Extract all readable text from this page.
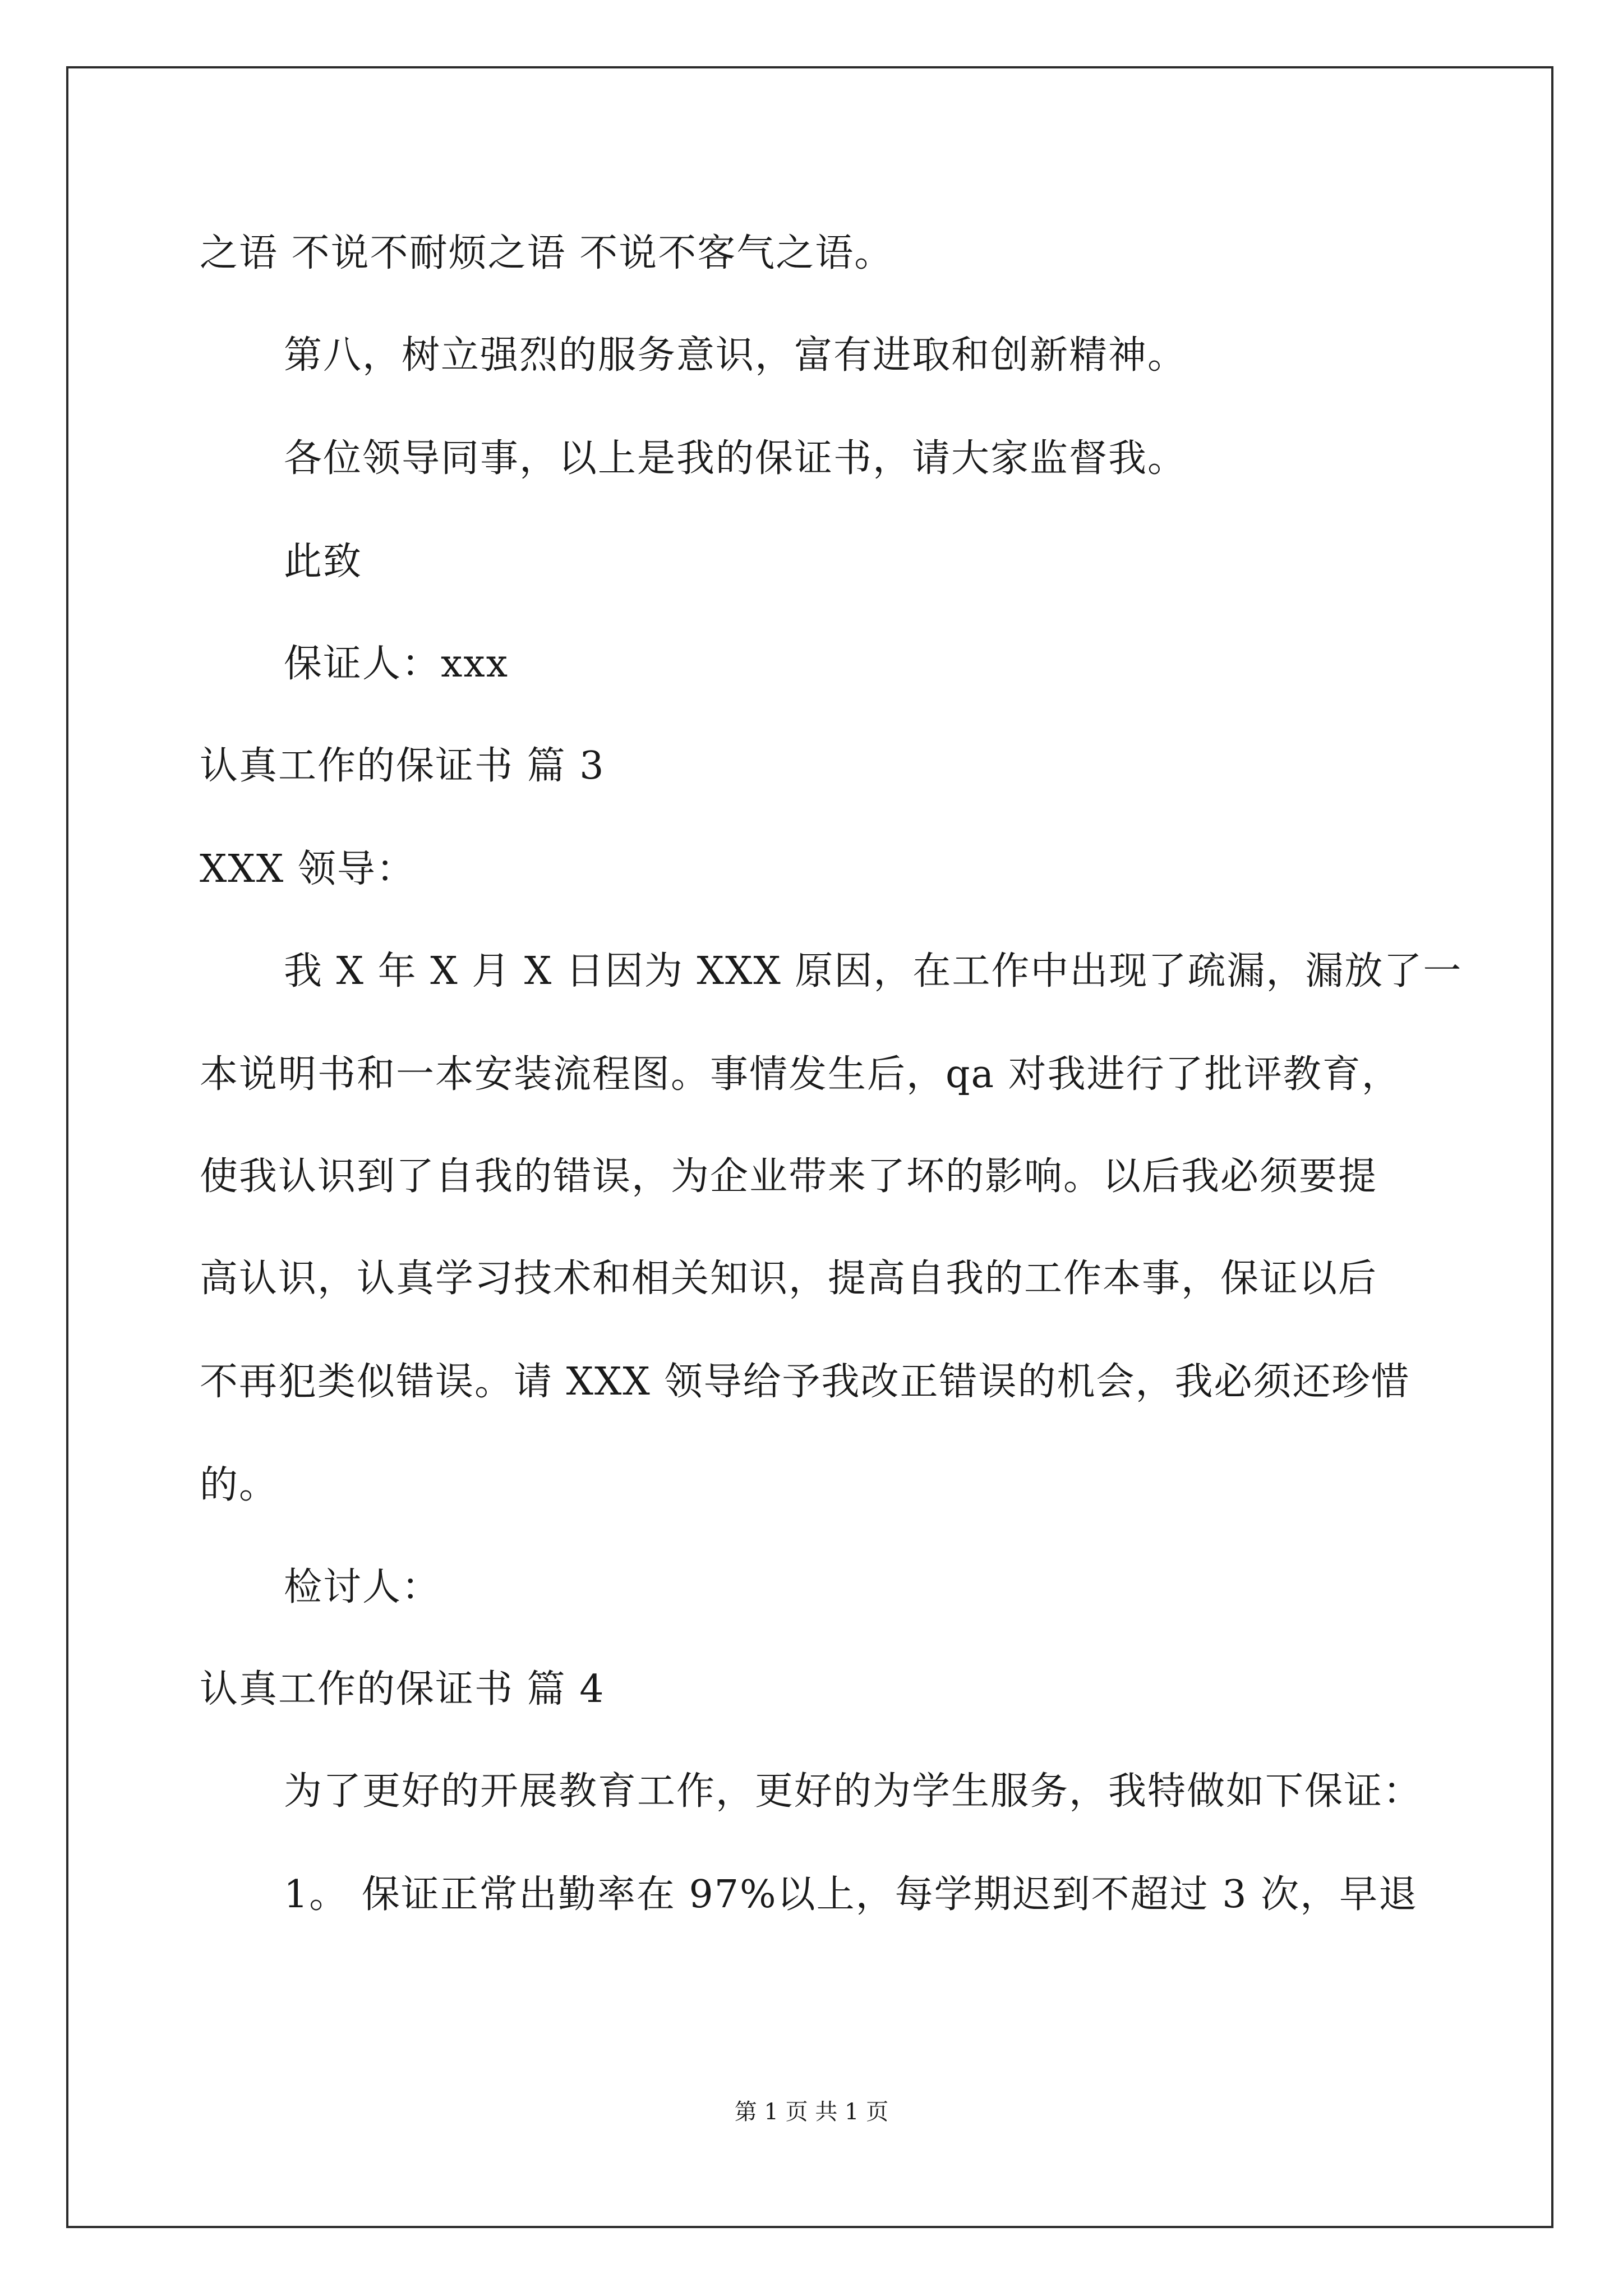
之语 不说不耐烦之语 不说不客气之语。
第八，树立强烈的服务意识，富有进取和创新精神。
各位领导同事，以上是我的保证书，请大家监督我。
此致
保证人：xxx
认真工作的保证书 篇 3
XXX 领导：
我 X 年 X 月 X 日因为 XXX 原因，在工作中出现了疏漏，漏放了一
本说明书和一本安装流程图。事情发生后，qa 对我进行了批评教育，
使我认识到了自我的错误，为企业带来了坏的影响。以后我必须要提
高认识，认真学习技术和相关知识，提高自我的工作本事，保证以后
不再犯类似错误。请 XXX 领导给予我改正错误的机会，我必须还珍惜
的。
检讨人：
认真工作的保证书 篇 4
为了更好的开展教育工作，更好的为学生服务，我特做如下保证：
1。 保证正常出勤率在 97%以上，每学期迟到不超过 3 次，早退
第 1 页 共 1 页
